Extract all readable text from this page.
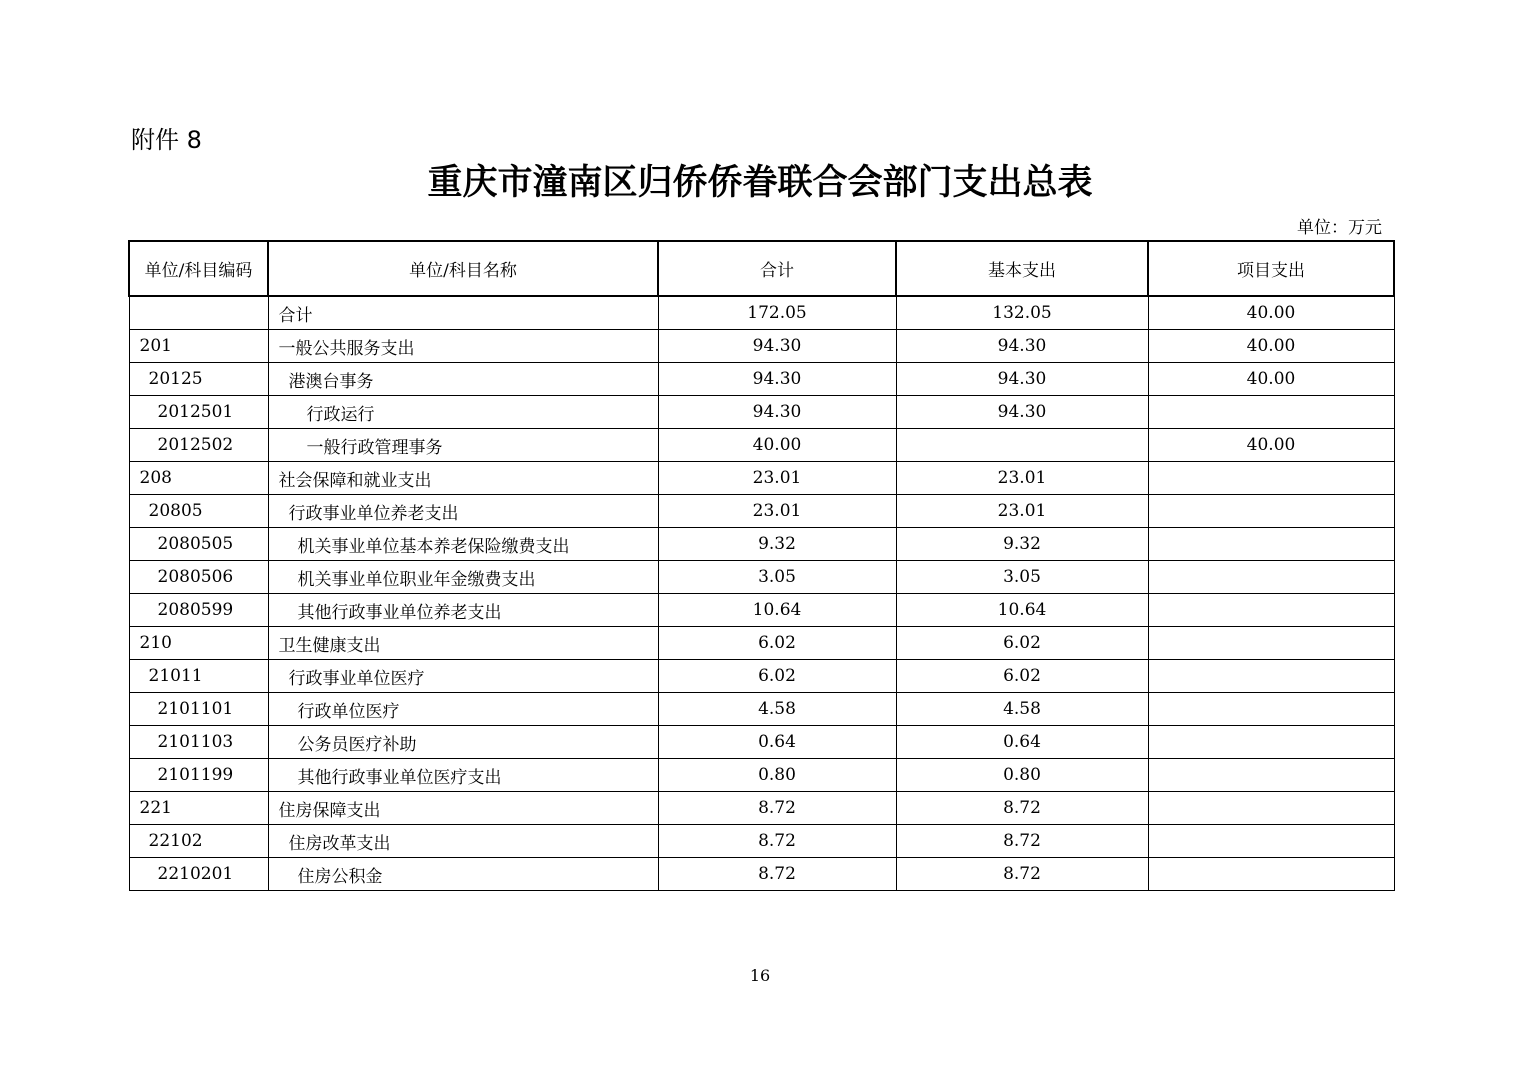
附件 8
重庆市潼南区归侨侨眷联合会部门支出总表
单位：万元
单位/科目编码	单位/科目名称	合计	基本支出	项目支出
	合计	172.05	132.05	40.00
201	一般公共服务支出	94.30	94.30	40.00
20125	港澳台事务	94.30	94.30	40.00
2012501	行政运行	94.30	94.30	
2012502	一般行政管理事务	40.00		40.00
208	社会保障和就业支出	23.01	23.01	
20805	行政事业单位养老支出	23.01	23.01	
2080505	机关事业单位基本养老保险缴费支出	9.32	9.32	
2080506	机关事业单位职业年金缴费支出	3.05	3.05	
2080599	其他行政事业单位养老支出	10.64	10.64	
210	卫生健康支出	6.02	6.02	
21011	行政事业单位医疗	6.02	6.02	
2101101	行政单位医疗	4.58	4.58	
2101103	公务员医疗补助	0.64	0.64	
2101199	其他行政事业单位医疗支出	0.80	0.80	
221	住房保障支出	8.72	8.72	
22102	住房改革支出	8.72	8.72	
2210201	住房公积金	8.72	8.72	
16
